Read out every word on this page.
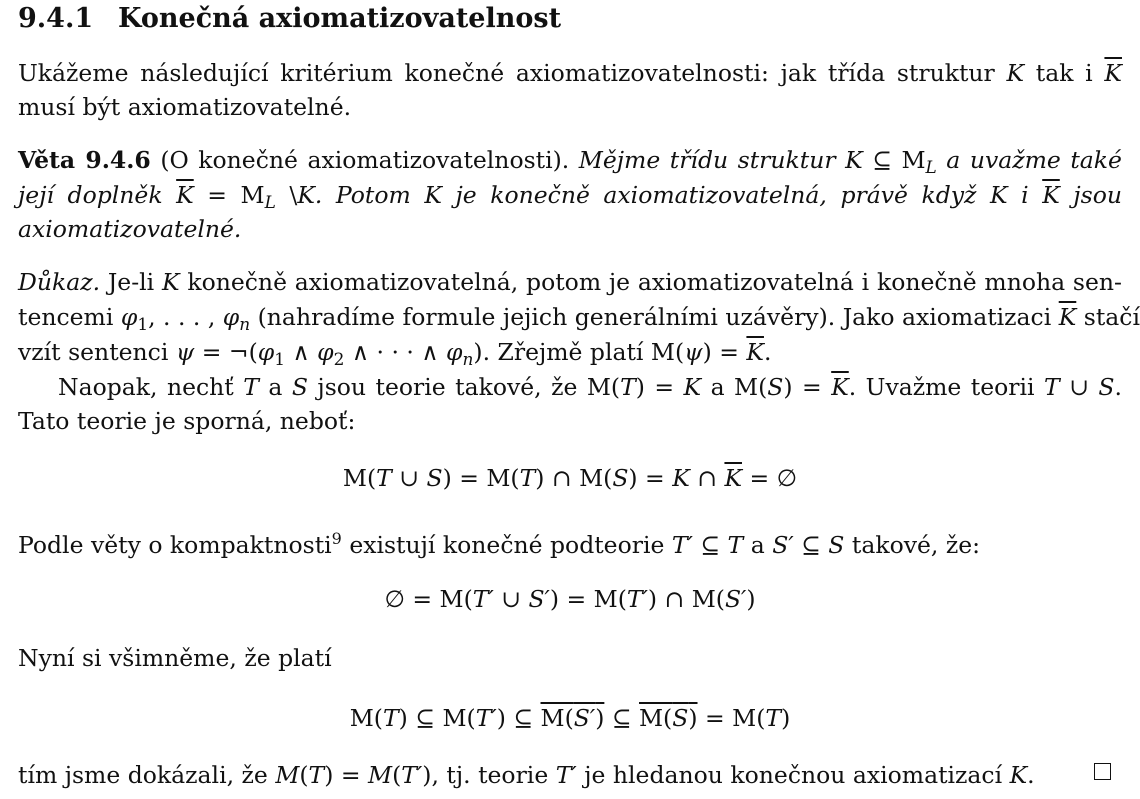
9.4.1 Konečná axiomatizovatelnost
Ukážeme následující kritérium konečné axiomatizovatelnosti: jak třída struktur K tak i $\overline{K}$
musí být axiomatizovatelné.
Věta 9.4.6 (O konečné axiomatizovatelnosti). Mějme třídu struktur K ⊆ $M_L$ a uvažme také
její doplněk $\overline{K} = M_L$ \K. Potom K je konečně axiomatizovatelná, právě když K i $\overline{K}$ jsou
axiomatizovatelné.
Důkaz. Je-li K konečně axiomatizovatelná, potom je axiomatizovatelná i konečně mnoha sen-
tencemi $\varphi_1$, . . . , $\varphi_n$ (nahradíme formule jejich generálními uzávěry). Jako axiomatizaci $\overline{K}$ stačí
vzít sentenci $\psi = \neg(\varphi_1$ ∧ $\varphi_2$ ∧ · · · ∧ $\varphi_n$). Zřejmě platí $M(\psi) = \overline{K}$.
Naopak, nechť T a S jsou teorie takové, že M(T) = K a $M(S) = \overline{K}$. Uvažme teorii T ∪ S.
Tato teorie je sporná, neboť:
M(T ∪ S) = M(T) ∩ M(S) = K ∩ $\overline{K}$ = ∅
Podle věty o kompaktnosti$^9$ existují konečné podteorie T′ ⊆ T a S′ ⊆ S takové, že:
∅ = M(T′ ∪ S′) = M(T′) ∩ M(S′)
Nyní si všimněme, že platí
M(T) ⊆ M(T′) ⊆ M(S′) ⊆ M(S) = M(T)
tím jsme dokázali, že M(T) = M(T′), tj. teorie T′ je hledanou konečnou axiomatizací K.
